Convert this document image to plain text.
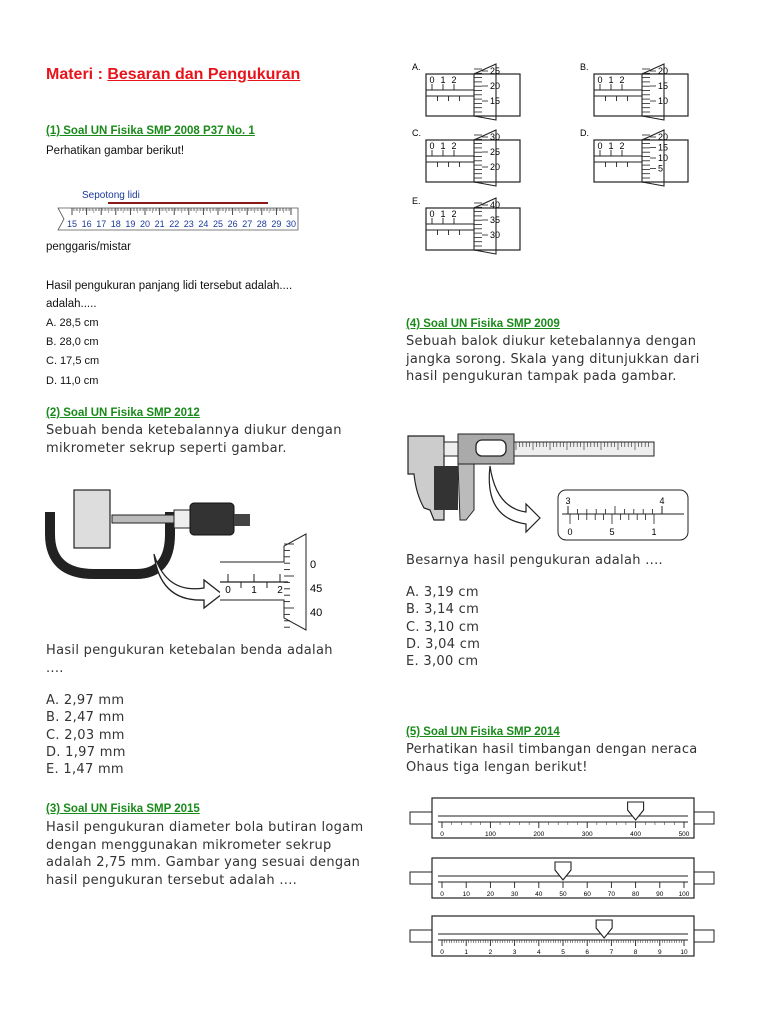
Materi : Besaran dan Pengukuran
(1) Soal UN Fisika SMP 2008 P37 No. 1
Perhatikan gambar berikut!
Sepotong lidi
15 16 17 18 19 20 21 22 23 24 25 26 27 28 29 30
penggaris/mistar
Hasil pengukuran panjang lidi tersebut adalah....
adalah.....
A. 28,5 cm
B. 28,0 cm
C. 17,5 cm
D. 11,0 cm
(2) Soal UN Fisika SMP 2012
Sebuah benda ketebalannya diukur dengan mikrometer sekrup seperti gambar.
0 1 2
0
45
40
Hasil pengukuran ketebalan benda adalah ....
A. 2,97 mm
B. 2,47 mm
C. 2,03 mm
D. 1,97 mm
E. 1,47 mm
(3) Soal UN Fisika SMP 2015
Hasil pengukuran diameter bola butiran logam dengan menggunakan mikrometer sekrup adalah 2,75 mm. Gambar yang sesuai dengan hasil pengukuran tersebut adalah ....
A.
0 1 2
25
20
15
B.
0 1 2
20
15
10
C.
0 1 2
30
25
20
D.
0 1 2
20
15
10
5
E.
0 1 2
40
35
30
(4) Soal UN Fisika SMP 2009
Sebuah balok diukur ketebalannya dengan jangka sorong. Skala yang ditunjukkan dari hasil pengukuran tampak pada gambar.
3	4
0	5	1
Besarnya hasil pengukuran adalah ....
A. 3,19 cm
B. 3,14 cm
C. 3,10 cm
D. 3,04 cm
E. 3,00 cm
(5) Soal UN Fisika SMP 2014
Perhatikan hasil timbangan dengan neraca Ohaus tiga lengan berikut!
0	100	200	300	400	500
0	10	20	30	40	50	60	70	80	90 100
0	1	2	3	4	5	6	7	8	9	10
